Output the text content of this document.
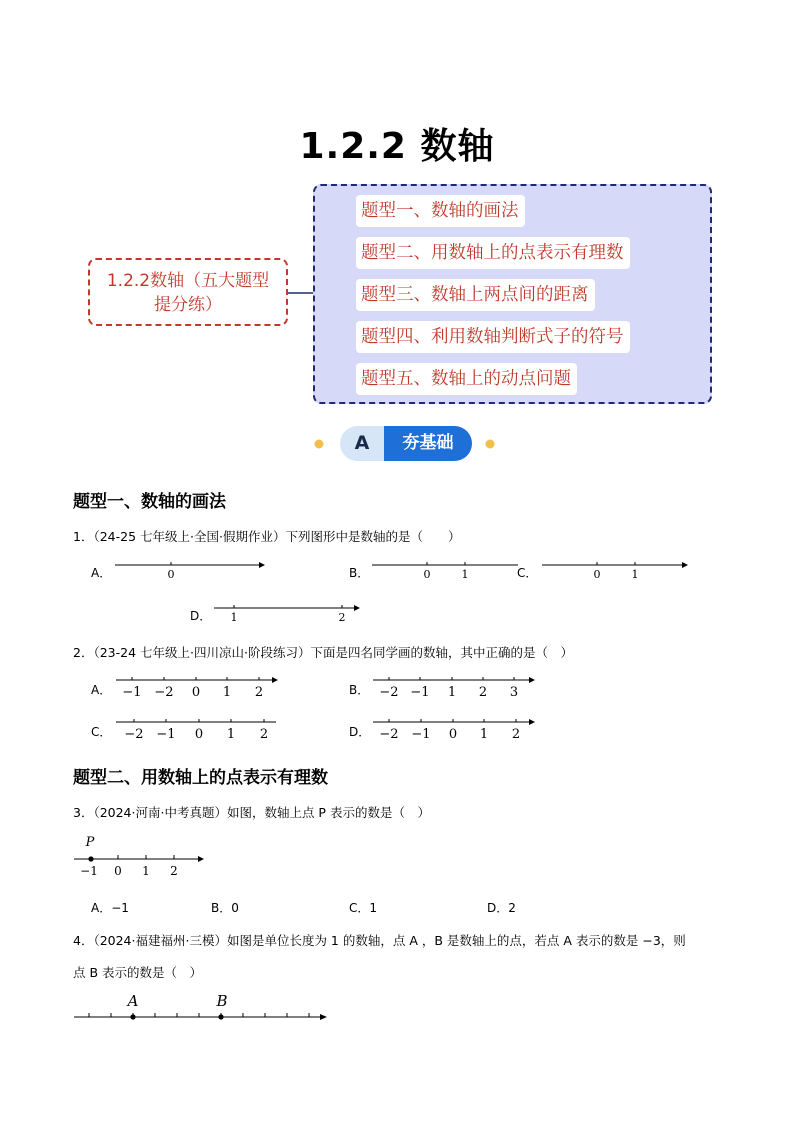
1.2.2 数轴
1.2.2数轴（五大题型
提分练）
题型一、数轴的画法
题型二、用数轴上的点表示有理数
题型三、数轴上两点间的距离
题型四、利用数轴判断式子的符号
题型五、数轴上的动点问题
A	夯基础
题型一、数轴的画法
1．（24-25 七年级上·全国·假期作业）下列图形中是数轴的是（　　）
A．	0	B．	0	1	C．	0	1
D． 1	2
2．（23-24 七年级上·四川凉山·阶段练习）下面是四名同学画的数轴，其中正确的是（　）
A． −1 −2 0 1 2	B． −2 −1 1 2 3
C． −2 −1 0 1 2	D． −2 −1 0 1 2
题型二、用数轴上的点表示有理数
3．（2024·河南·中考真题）如图，数轴上点 P 表示的数是（　）
P
−1 0 1 2
A．−1	B．0	C．1	D．2
4．（2024·福建福州·三模）如图是单位长度为 1 的数轴，点 A ，B 是数轴上的点，若点 A 表示的数是 −3，则
点 B 表示的数是（　）
A	B
